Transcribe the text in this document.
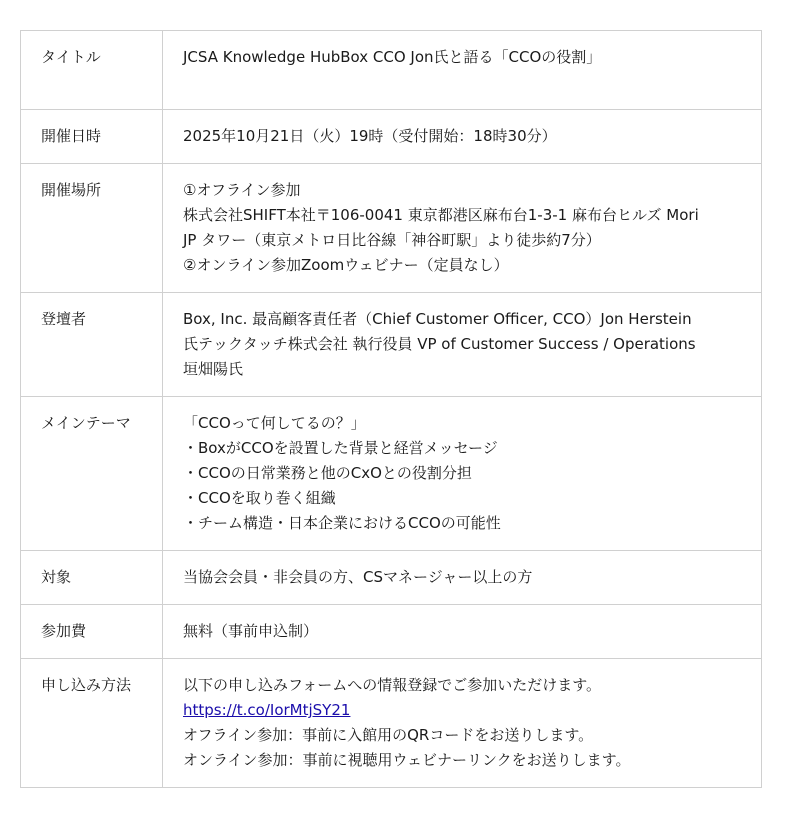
タイトル	JCSA Knowledge HubBox CCO Jon氏と語る「CCOの役割」

開催日時	2025年10月21日（火）19時（受付開始：18時30分）

開催場所	①オフライン参加
株式会社SHIFT本社〒106-0041 東京都港区麻布台1-3-1 麻布台ヒルズ Mori
JP タワー（東京メトロ日比谷線「神谷町駅」より徒歩約7分）
②オンライン参加Zoomウェビナー（定員なし）

登壇者	Box, Inc. 最高顧客責任者（Chief Customer Officer, CCO）Jon Herstein
氏テックタッチ株式会社 執行役員 VP of Customer Success / Operations
垣畑陽氏

メインテーマ	「CCOって何してるの？」
・BoxがCCOを設置した背景と経営メッセージ
・CCOの日常業務と他のCxOとの役割分担
・CCOを取り巻く組織
・チーム構造・日本企業におけるCCOの可能性

対象	当協会会員・非会員の方、CSマネージャー以上の方

参加費	無料（事前申込制）

申し込み方法	以下の申し込みフォームへの情報登録でご参加いただけます。
https://t.co/IorMtjSY21
オフライン参加：事前に入館用のQRコードをお送りします。
オンライン参加：事前に視聴用ウェビナーリンクをお送りします。
